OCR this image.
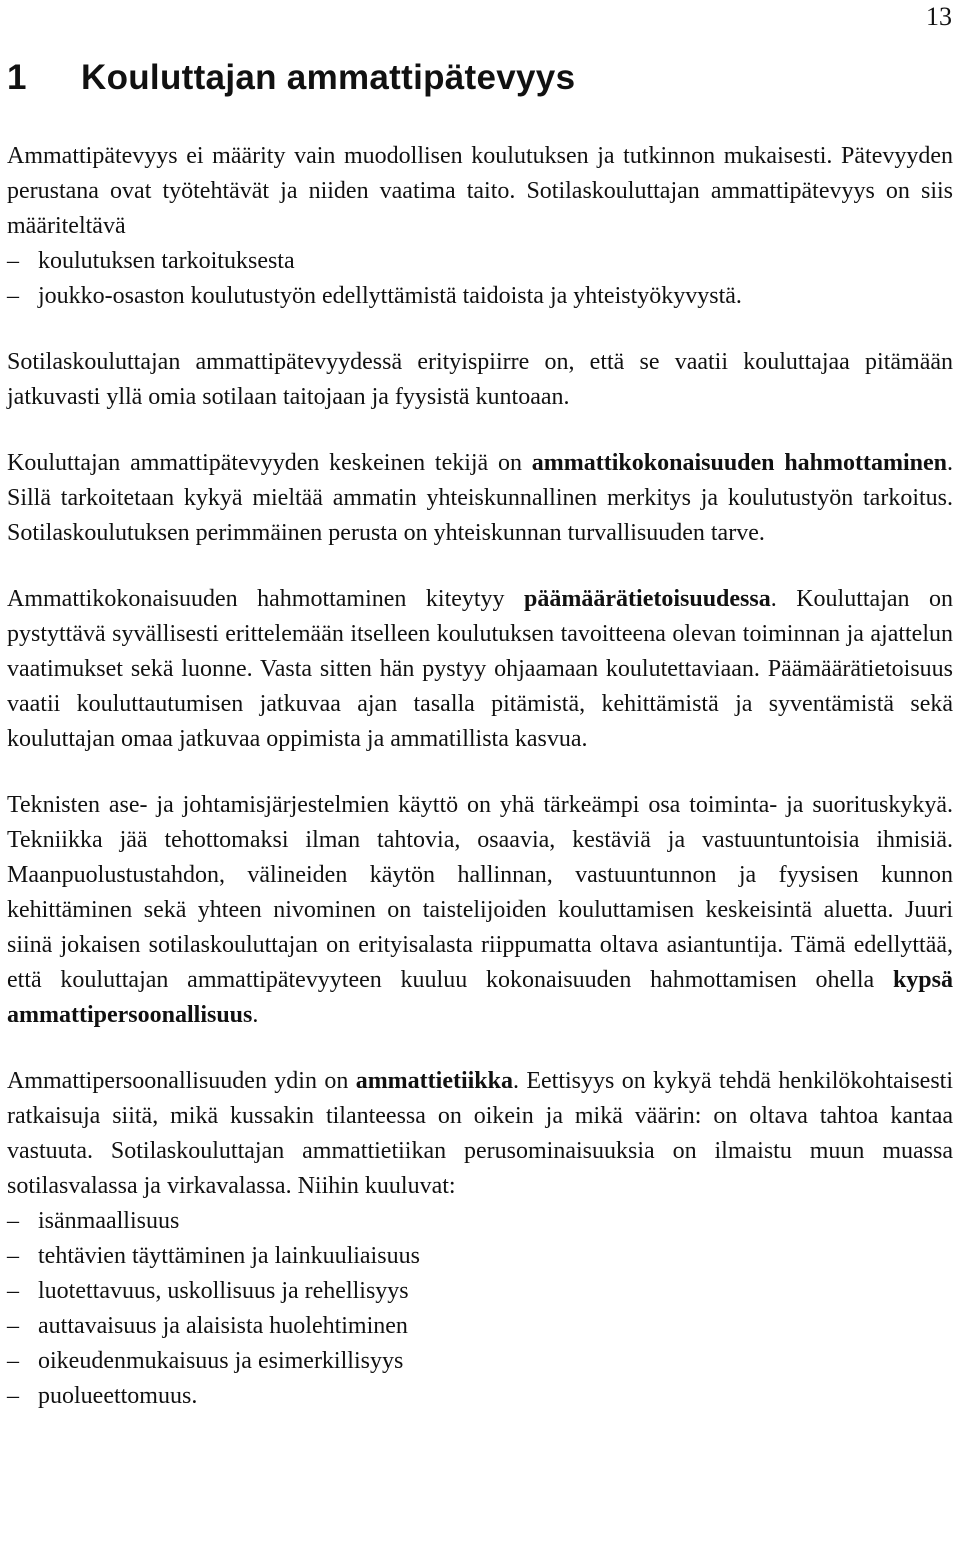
13
1 Kouluttajan ammattipätevyys

Ammattipätevyys ei määrity vain muodollisen koulutuksen ja tutkinnon mukaisesti. Pätevyyden perustana ovat työtehtävät ja niiden vaatima taito. Sotilaskouluttajan ammattipätevyys on siis määriteltävä

– koulutuksen tarkoituksesta
– joukko-osaston koulutustyön edellyttämistä taidoista ja yhteistyökyvystä.

Sotilaskouluttajan ammattipätevyydessä erityispiirre on, että se vaatii kouluttajaa pitämään jatkuvasti yllä omia sotilaan taitojaan ja fyysistä kuntoaan.

Kouluttajan ammattipätevyyden keskeinen tekijä on ammattikokonaisuuden hahmottaminen. Sillä tarkoitetaan kykyä mieltää ammatin yhteiskunnallinen merkitys ja koulutustyön tarkoitus. Sotilaskoulutuksen perimmäinen perusta on yhteiskunnan turvallisuuden tarve.

Ammattikokonaisuuden hahmottaminen kiteytyy päämäärätietoisuudessa. Kouluttajan on pystyttävä syvällisesti erittelemään itselleen koulutuksen tavoitteena olevan toiminnan ja ajattelun vaatimukset sekä luonne. Vasta sitten hän pystyy ohjaamaan koulutettaviaan. Päämäärätietoisuus vaatii kouluttautumisen jatkuvaa ajan tasalla pitämistä, kehittämistä ja syventämistä sekä kouluttajan omaa jatkuvaa oppimista ja ammatillista kasvua.

Teknisten ase- ja johtamisjärjestelmien käyttö on yhä tärkeämpi osa toiminta- ja suorituskykyä. Tekniikka jää tehottomaksi ilman tahtovia, osaavia, kestäviä ja vastuuntuntoisia ihmisiä. Maanpuolustustahdon, välineiden käytön hallinnan, vastuuntunnon ja fyysisen kunnon kehittäminen sekä yhteen nivominen on taistelijoiden kouluttamisen keskeisintä aluetta. Juuri siinä jokaisen sotilaskouluttajan on erityisalasta riippumatta oltava asiantuntija. Tämä edellyttää, että kouluttajan ammattipätevyyteen kuuluu kokonaisuuden hahmottamisen ohella kypsä ammattipersoonallisuus.

Ammattipersoonallisuuden ydin on ammattietiikka. Eettisyys on kykyä tehdä henkilökohtaisesti ratkaisuja siitä, mikä kussakin tilanteessa on oikein ja mikä väärin: on oltava tahtoa kantaa vastuuta. Sotilaskouluttajan ammattietiikan perusominaisuuksia on ilmaistu muun muassa sotilasvalassa ja virkavalassa. Niihin kuuluvat:

– isänmaallisuus
– tehtävien täyttäminen ja lainkuuliaisuus
– luotettavuus, uskollisuus ja rehellisyys
– auttavaisuus ja alaisista huolehtiminen
– oikeudenmukaisuus ja esimerkillisyys
– puolueettomuus.
